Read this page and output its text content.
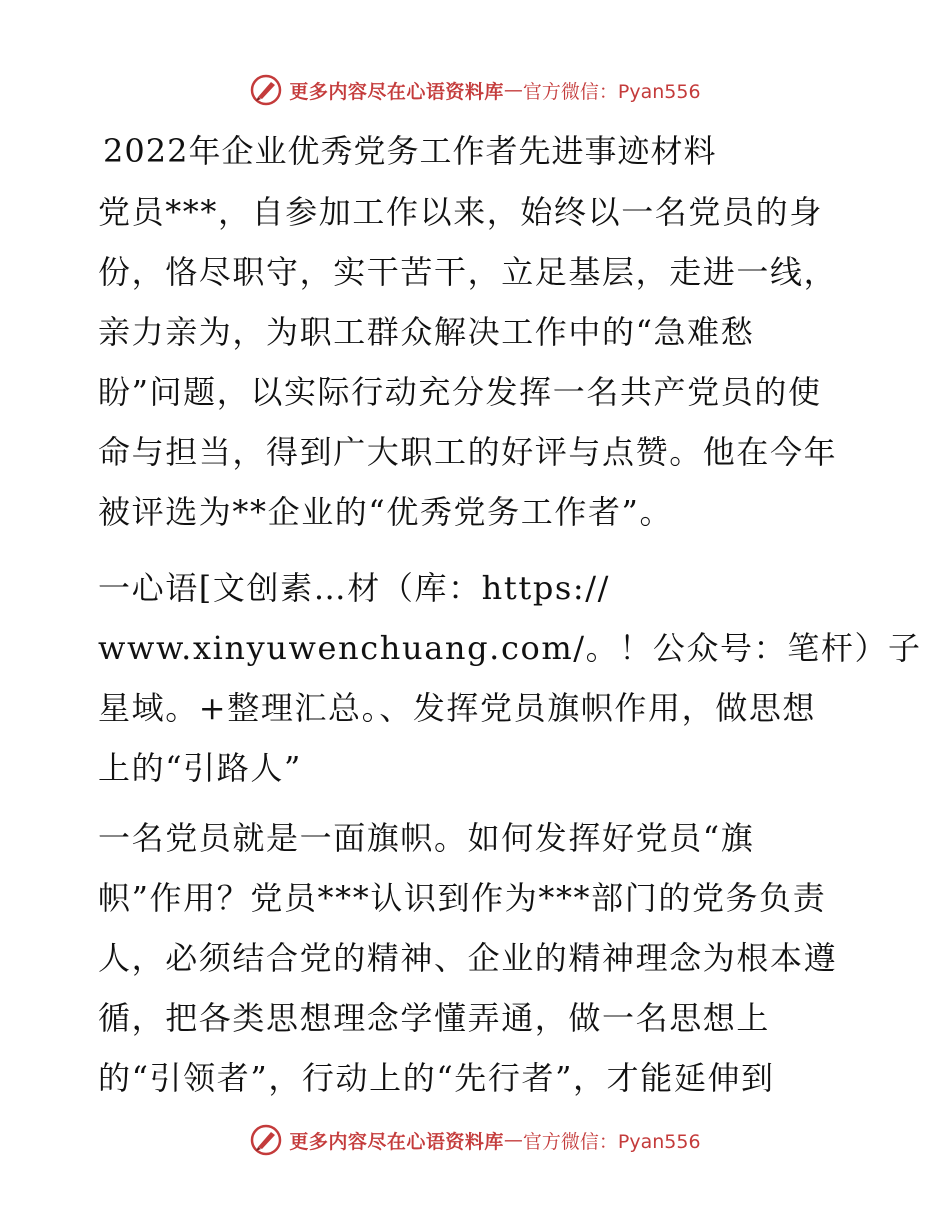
更多内容尽在心语资料库 — 官方微信：Pyan556
2022年企业优秀党务工作者先进事迹材料
党员***，自参加工作以来，始终以一名党员的身
份，恪尽职守，实干苦干，立足基层，走进一线，
亲力亲为，为职工群众解决工作中的“急难愁
盼”问题，以实际行动充分发挥一名共产党员的使
命与担当，得到广大职工的好评与点赞。他在今年
被评选为**企业的“优秀党务工作者”。
一心语[文创素…材（库：https://
www.xinyuwenchuang.com/。！公众号：笔杆）子
星域。+整理汇总。、发挥党员旗帜作用，做思想
上的“引路人”
一名党员就是一面旗帜。如何发挥好党员“旗
帜”作用？党员***认识到作为***部门的党务负责
人，必须结合党的精神、企业的精神理念为根本遵
循，把各类思想理念学懂弄通，做一名思想上
的“引领者”，行动上的“先行者”，才能延伸到
更多内容尽在心语资料库 — 官方微信：Pyan556
